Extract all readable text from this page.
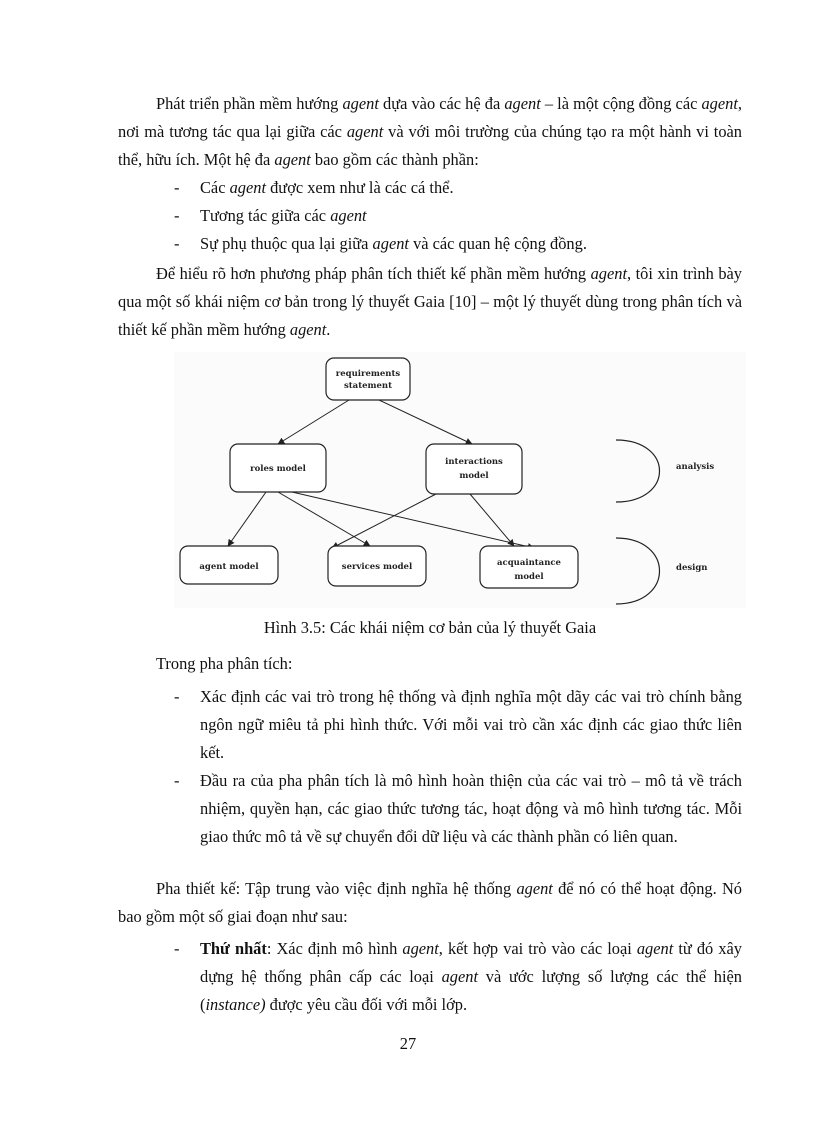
Phát triển phần mềm hướng agent dựa vào các hệ đa agent – là một cộng đồng các agent, nơi mà tương tác qua lại giữa các agent và với môi trường của chúng tạo ra một hành vi toàn thể, hữu ích. Một hệ đa agent bao gồm các thành phần:

- Các agent được xem như là các cá thể.
- Tương tác giữa các agent
- Sự phụ thuộc qua lại giữa agent và các quan hệ cộng đồng.

Để hiểu rõ hơn phương pháp phân tích thiết kế phần mềm hướng agent, tôi xin trình bày qua một số khái niệm cơ bản trong lý thuyết Gaia [10] – một lý thuyết dùng trong phân tích và thiết kế phần mềm hướng agent.

requirements
statement
roles model
interactions
model
agent model	services model	acquaintance
model
analysis
design

Hình 3.5: Các khái niệm cơ bản của lý thuyết Gaia

Trong pha phân tích:

- Xác định các vai trò trong hệ thống và định nghĩa một dãy các vai trò chính bằng ngôn ngữ miêu tả phi hình thức. Với mỗi vai trò cần xác định các giao thức liên kết.
- Đầu ra của pha phân tích là mô hình hoàn thiện của các vai trò – mô tả về trách nhiệm, quyền hạn, các giao thức tương tác, hoạt động và mô hình tương tác. Mỗi giao thức mô tả về sự chuyển đổi dữ liệu và các thành phần có liên quan.

Pha thiết kế: Tập trung vào việc định nghĩa hệ thống agent để nó có thể hoạt động. Nó bao gồm một số giai đoạn như sau:

- Thứ nhất: Xác định mô hình agent, kết hợp vai trò vào các loại agent từ đó xây dựng hệ thống phân cấp các loại agent và ước lượng số lượng các thể hiện (instance) được yêu cầu đối với mỗi lớp.

27
